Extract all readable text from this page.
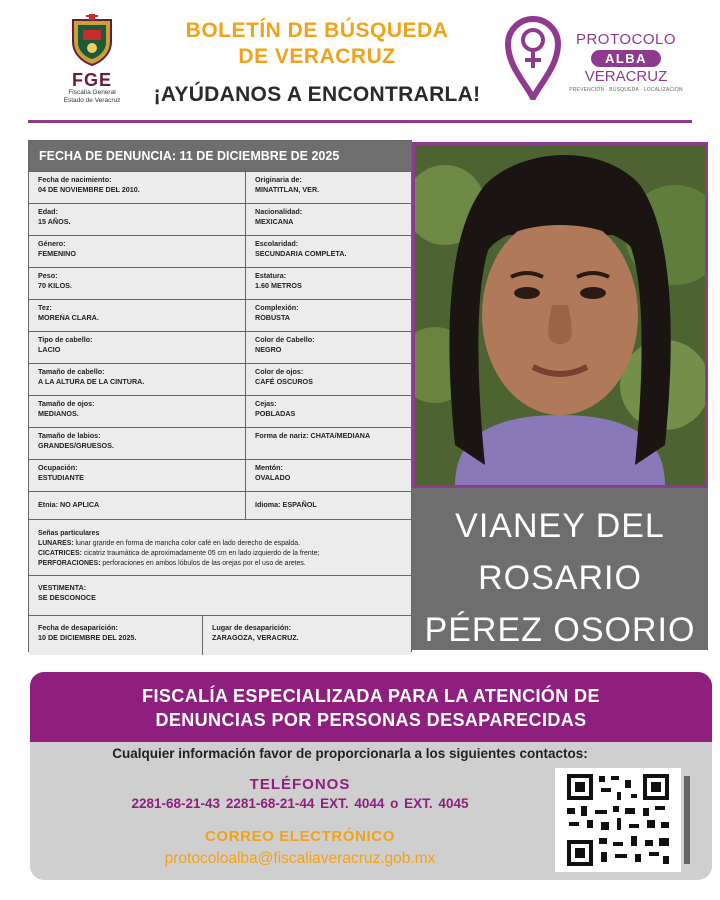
FGE
Fiscalía General
Estado de Veracruz
BOLETÍN DE BÚSQUEDA
DE VERACRUZ
¡AYÚDANOS A ENCONTRARLA!
PROTOCOLO
ALBA
VERACRUZ
PREVENCIÓN · BÚSQUEDA · LOCALIZACIÓN
FECHA DE DENUNCIA: 11 DE DICIEMBRE DE 2025
Fecha de nacimiento:
04 DE NOVIEMBRE DEL 2010.
Originaria de:
MINATITLAN, VER.
Edad:
15 AÑOS.
Nacionalidad:
MEXICANA
Género:
FEMENINO
Escolaridad:
SECUNDARIA COMPLETA.
Peso:
70 KILOS.
Estatura:
1.60 METROS
Tez:
MORENA CLARA.
Complexión:
ROBUSTA
Tipo de cabello:
LACIO
Color de Cabello:
NEGRO
Tamaño de cabello:
A LA ALTURA DE LA CINTURA.
Color de ojos:
CAFÉ OSCUROS
Tamaño de ojos:
MEDIANOS.
Cejas:
POBLADAS
Tamaño de labios:
GRANDES/GRUESOS.
Forma de nariz: CHATA/MEDIANA
Ocupación:
ESTUDIANTE
Mentón:
OVALADO
Etnia: NO APLICA	Idioma: ESPAÑOL
Señas particulares

LUNARES: lunar grande en forma de mancha color café en lado derecho de espalda.

CICATRICES: cicatriz traumática de aproximadamente 05 cm en lado izquierdo de la frente;

PERFORACIONES: perforaciones en ambos lóbulos de las orejas por el uso de aretes.

VESTIMENTA:
SE DESCONOCE
Fecha de desaparición:
10 DE DICIEMBRE DEL 2025.
Lugar de desaparición:
ZARAGOZA, VERACRUZ.
VIANEY DEL
ROSARIO
PÉREZ OSORIO
FISCALÍA ESPECIALIZADA PARA LA ATENCIÓN DE
DENUNCIAS POR PERSONAS DESAPARECIDAS
Cualquier información favor de proporcionarla a los siguientes contactos:
TELÉFONOS
2281-68-21-43 2281-68-21-44 EXT. 4044 o EXT. 4045
CORREO ELECTRÓNICO
protocoloalba@fiscaliaveracruz.gob.mx
